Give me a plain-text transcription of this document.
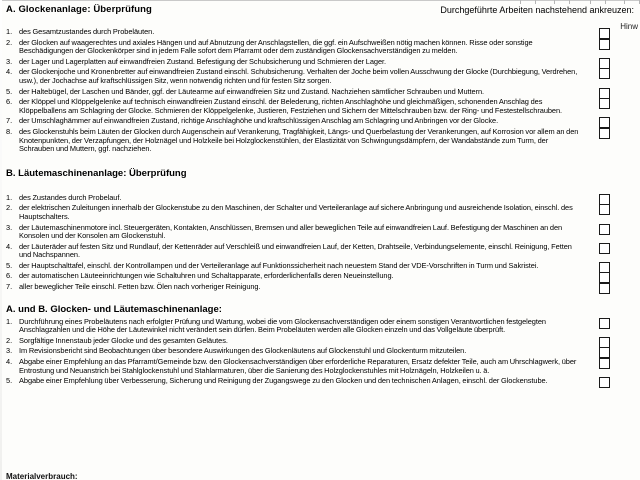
Hinw
A. Glockenanlage: Überprüfung	Durchgeführte Arbeiten nachstehend ankreuzen:
1. des Gesamtzustandes durch Probeläuten.
2. der Glocken auf waagerechtes und axiales Hängen und auf Abnutzung der Anschlagstellen, die ggf. ein Aufschweißen nötig machen können. Risse oder sonstige Beschädigungen der Glockenkörper sind in jedem Falle sofort dem Pfarramt oder dem zuständigen Glockensachverständigen zu melden.
3. der Lager und Lagerplatten auf einwandfreien Zustand. Befestigung der Schubsicherung und Schmieren der Lager.
4. der Glockenjoche und Kronenbretter auf einwandfreien Zustand einschl. Schubsicherung. Verhalten der Joche beim vollen Ausschwung der Glocke (Durchbiegung, Verdrehen, usw.), der Jochachse auf kraftschlüssigen Sitz, wenn notwendig richten und für festen Sitz sorgen.
5. der Haltebügel, der Laschen und Bänder, ggf. der Läutearme auf einwandfreien Sitz und Zustand. Nachziehen sämtlicher Schrauben und Muttern.
6. der Klöppel und Klöppelgelenke auf technisch einwandfreien Zustand einschl. der Belederung, richten Anschlaghöhe und gleichmäßigen, schonenden Anschlag des Klöppelballens am Schlagring der Glocke. Schmieren der Klöppelgelenke, Justieren, Festziehen und Sichern der Mittelschrauben bzw. der Ring- und Festestellschrauben.
7. der Umschlaghämmer auf einwandfreien Zustand, richtige Anschlaghöhe und kraftschlüssigen Anschlag am Schlagring und Anbringen vor der Glocke.
8. des Glockenstuhls beim Läuten der Glocken durch Augenschein auf Verankerung, Tragfähigkeit, Längs- und Querbelastung der Verankerungen, auf Korrosion vor allem an den Knotenpunkten, der Verzapfungen, der Holznägel und Holzkeile bei Holzglockenstühlen, der Elastizität von Schwingungsdämpfern, der Wandabstände zum Turm, der Schrauben und Muttern, ggf. nachziehen.
B. Läutemaschinenanlage: Überprüfung
1. des Zustandes durch Probelauf.
2. der elektrischen Zuleitungen innerhalb der Glockenstube zu den Maschinen, der Schalter und Verteileranlage auf sichere Anbringung und ausreichende Isolation, einschl. des Hauptschalters.
3. der Läutemaschinenmotore incl. Steuergeräten, Kontakten, Anschlüssen, Bremsen und aller beweglichen Teile auf einwandfreien Lauf. Befestigung der Maschinen an den Konsolen und der Konsolen am Glockenstuhl.
4. der Läuteräder auf festen Sitz und Rundlauf, der Kettenräder auf Verschleiß und einwandfreien Lauf, der Ketten, Drahtseile, Verbindungselemente, einschl. Reinigung, Fetten und Nachspannen.
5. der Hauptschalttafel, einschl. der Kontrollampen und der Verteileranlage auf Funktionssicherheit nach neuestem Stand der VDE-Vorschriften in Turm und Sakristei.
6. der automatischen Läuteeinrichtungen wie Schaltuhren und Schaltapparate, erforderlichenfalls deren Neueinstellung.
7. aller beweglicher Teile einschl. Fetten bzw. Ölen nach vorheriger Reinigung.
A. und B. Glocken- und Läutemaschinenanlage:
1. Durchführung eines Probeläutens nach erfolgter Prüfung und Wartung, wobei die vom Glockensachverständigen oder einem sonstigen Verantwortlichen festgelegten Anschlagzahlen und die Höhe der Läutewinkel nicht verändert sein dürfen. Beim Probeläuten werden alle Glocken einzeln und das Vollgeläute überprüft.
2. Sorgfältige Innenstaub jeder Glocke und des gesamten Geläutes.
3. Im Revisionsbericht sind Beobachtungen über besondere Auswirkungen des Glockenläutens auf Glockenstuhl und Glockenturm mitzuteilen.
4. Abgabe einer Empfehlung an das Pfarramt/Gemeinde bzw. den Glockensachverständigen über erforderliche Reparaturen, Ersatz defekter Teile, auch am Uhrschlagwerk, über Entrostung und Neuanstrich bei Stahlglockenstuhl und Stahlarmaturen, über die Sanierung des Holzglockenstuhles mit Holznägeln, Holzkeilen u. ä.
5. Abgabe einer Empfehlung über Verbesserung, Sicherung und Reinigung der Zugangswege zu den Glocken und den technischen Anlagen, einschl. der Glockenstube.
Materialverbrauch:
